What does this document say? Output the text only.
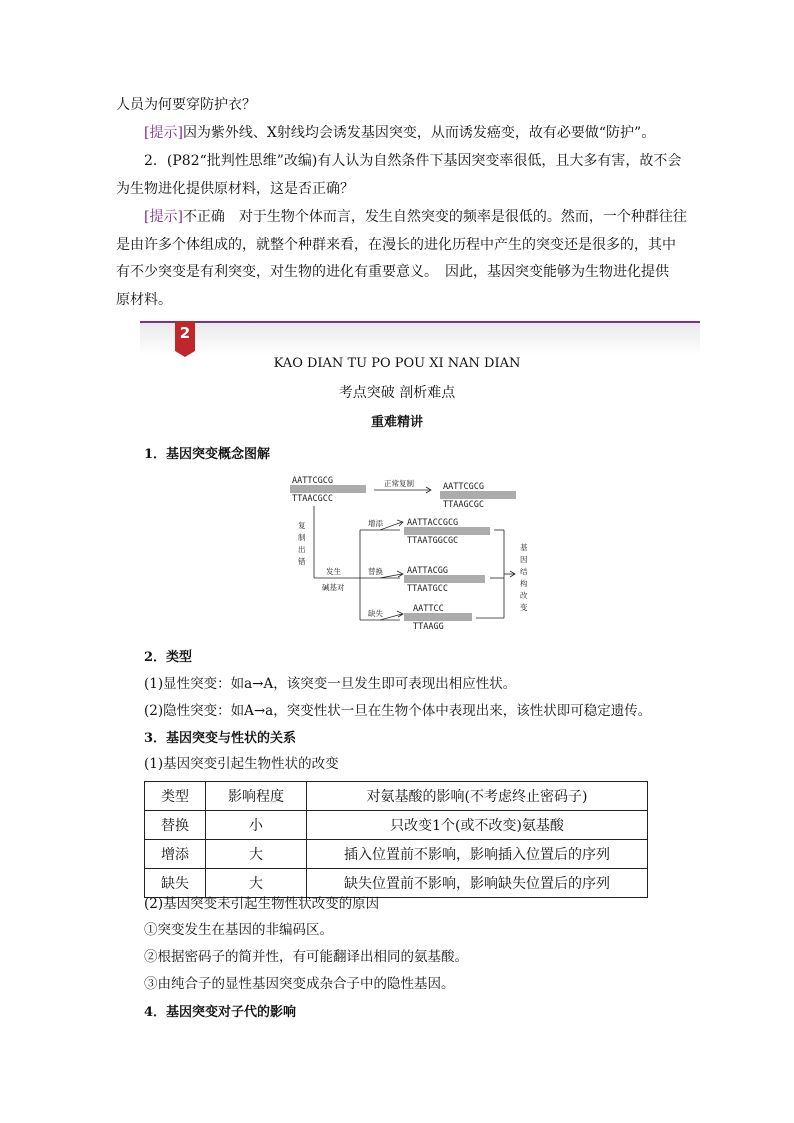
人员为何要穿防护衣？
[提示]因为紫外线、X射线均会诱发基因突变，从而诱发癌变，故有必要做“防护”。
2．(P82“批判性思维”改编)有人认为自然条件下基因突变率很低，且大多有害，故不会
为生物进化提供原材料，这是否正确？
[提示]不正确　对于生物个体而言，发生自然突变的频率是很低的。然而，一个种群往往
是由许多个体组成的，就整个种群来看，在漫长的进化历程中产生的突变还是很多的，其中
有不少突变是有利突变，对生物的进化有重要意义。　因此，基因突变能够为生物进化提供
原材料。
2
KAO DIAN TU PO POU XI NAN DIAN
考点突破 剖析难点
重难精讲
1．基因突变概念图解
AATTCGCG
TTAACGCC
正常复制	AATTCGCG
TTAAGCGC
复
制
出
错
发生
碱基对
增添	AATTACCGCG
TTAATGGCGC
替换	AATTACGG
TTAATGCC
缺失	AATTCC
TTAAGG
基
因
结
构
改
变
2．类型
(1)显性突变：如a→A，该突变一旦发生即可表现出相应性状。
(2)隐性突变：如A→a，突变性状一旦在生物个体中表现出来，该性状即可稳定遗传。
3．基因突变与性状的关系
(1)基因突变引起生物性状的改变
类型	影响程度	对氨基酸的影响(不考虑终止密码子)
替换	小	只改变1个(或不改变)氨基酸
增添	大	插入位置前不影响，影响插入位置后的序列
缺失	大	缺失位置前不影响，影响缺失位置后的序列
(2)基因突变未引起生物性状改变的原因
①突变发生在基因的非编码区。
②根据密码子的简并性，有可能翻译出相同的氨基酸。
③由纯合子的显性基因突变成杂合子中的隐性基因。
4．基因突变对子代的影响
